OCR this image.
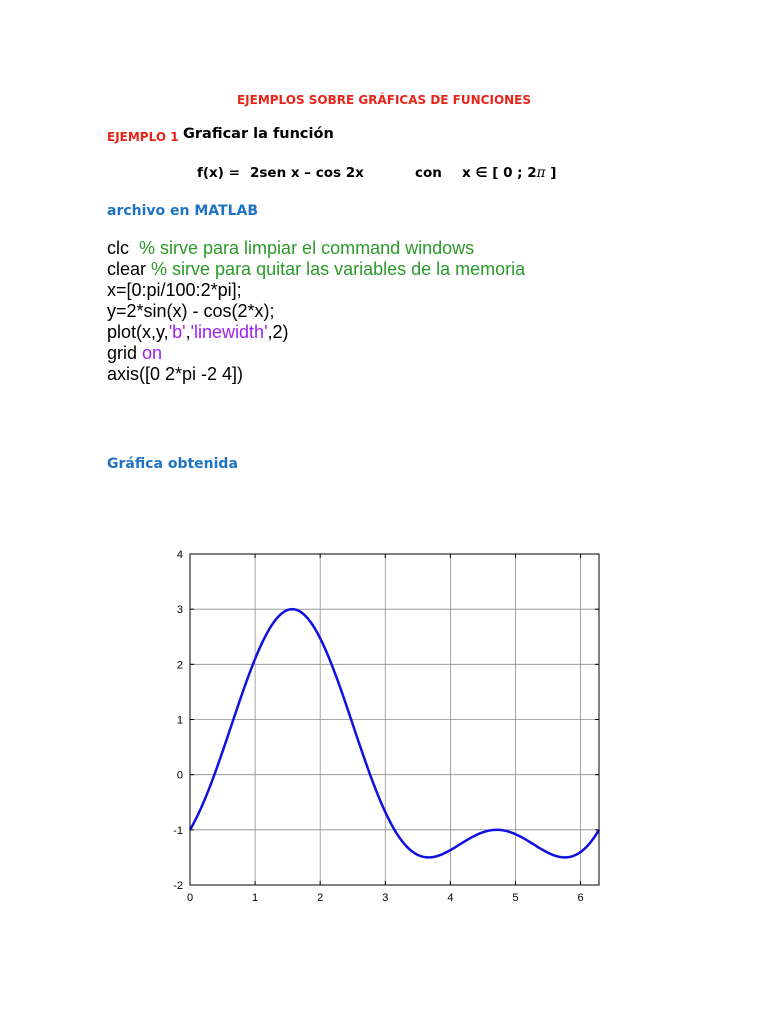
EJEMPLOS SOBRE GRÁFICAS DE FUNCIONES
EJEMPLO 1 Graficar la función
f(x) = 2sen x – cos 2x	con x ∈ [ 0 ; 2π ]
archivo en MATLAB
clc % sirve para limpiar el command windows
clear % sirve para quitar las variables de la memoria
x=[0:pi/100:2*pi];
y=2*sin(x) - cos(2*x);
plot(x,y,'b','linewidth',2)
grid on
axis([0 2*pi -2 4])
Gráfica obtenida
0	1	2	3	4	5	6
4
3
2
1
0
-1
-2
